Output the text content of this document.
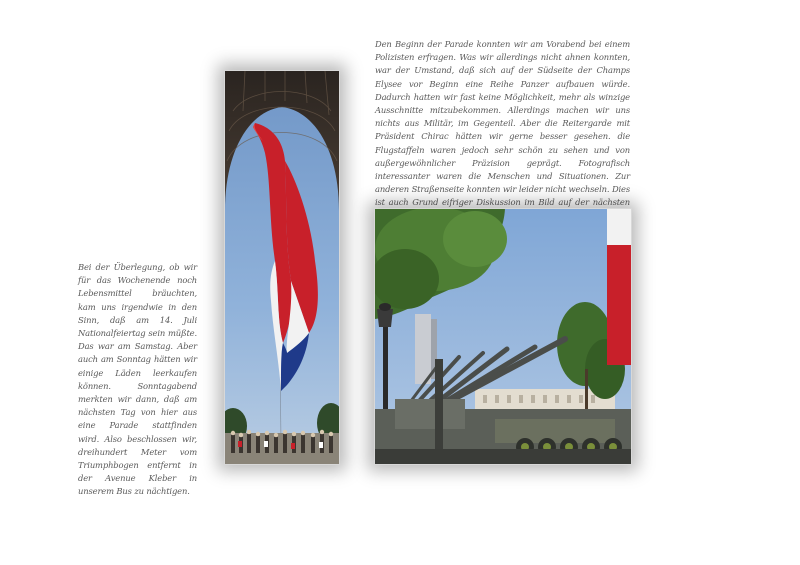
Den Beginn der Parade konnten wir am Vorabend bei einem Polizisten erfragen. Was wir allerdings nicht ahnen konnten, war der Umstand, daß sich auf der Südseite der Champs Elysee vor Beginn eine Reihe Panzer aufbauen würde. Dadurch hatten wir fast keine Möglichkeit, mehr als winzige Ausschnitte mitzubekommen. Allerdings machen wir uns nichts aus Militär, im Gegenteil. Aber die Reitergarde mit Präsident Chirac hätten wir gerne besser gesehen. die Flugstaffeln waren jedoch sehr schön zu sehen und von außergewöhnlicher Präzision geprägt. Fotografisch interessanter waren die Menschen und Situationen. Zur anderen Straßenseite konnten wir leider nicht wechseln. Dies ist auch Grund eifriger Diskussion im Bild auf der nächsten
Bei der Überlegung, ob wir für das Wochenende noch Lebensmittel bräuchten, kam uns irgendwie in den Sinn, daß am 14. Juli Nationalfeiertag sein müßte. Das war am Samstag. Aber auch am Sonntag hätten wir einige Läden leerkaufen können. Sonntagabend merkten wir dann, daß am nächsten Tag von hier aus eine Parade stattfinden wird. Also beschlossen wir, dreihundert Meter vom Triumphbogen entfernt in der Avenue Kleber in unserem Bus zu nächtigen.
